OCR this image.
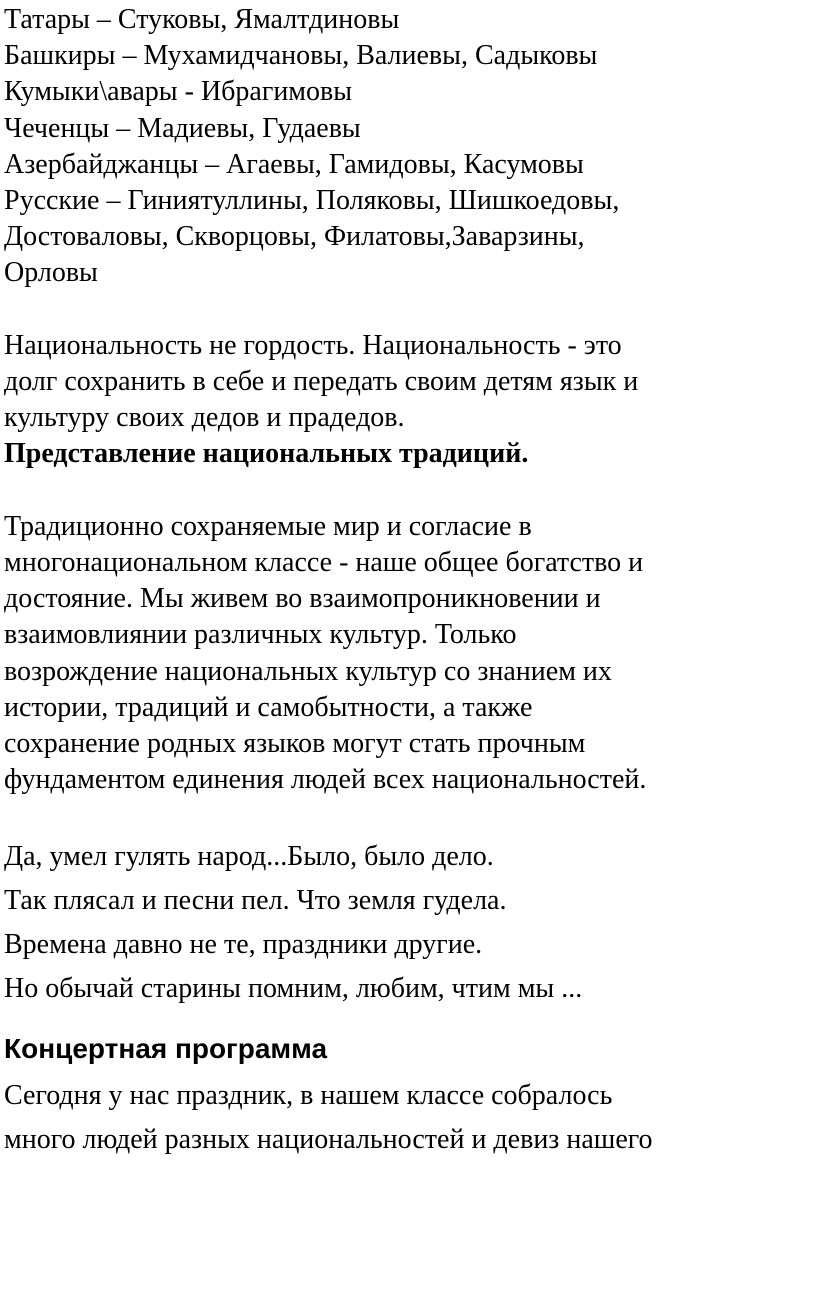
Татары – Стуковы, Ямалтдиновы
Башкиры – Мухамидчановы, Валиевы, Садыковы
Кумыки\авары - Ибрагимовы
Чеченцы – Мадиевы, Гудаевы
Азербайджанцы – Агаевы, Гамидовы, Касумовы
Русские – Гиниятуллины, Поляковы, Шишкоедовы,
Достоваловы, Скворцовы, Филатовы,Заварзины,
Орловы
Национальность не гордость. Национальность - это
долг сохранить в себе и передать своим детям язык и
культуру своих дедов и прадедов.
Представление национальных традиций.
Традиционно сохраняемые мир и согласие в
многонациональном классе - наше общее богатство и
достояние. Мы живем во взаимопроникновении и
взаимовлиянии различных культур. Только
возрождение национальных культур со знанием их
истории, традиций и самобытности, а также
сохранение родных языков могут стать прочным
фундаментом единения людей всех национальностей.
Да, умел гулять народ...Было, было дело.
Так плясал и песни пел. Что земля гудела.
Времена давно не те, праздники другие.
Но обычай старины помним, любим, чтим мы ...
Концертная программа
Сегодня у нас праздник, в нашем классе собралось
много людей разных национальностей и девиз нашего
